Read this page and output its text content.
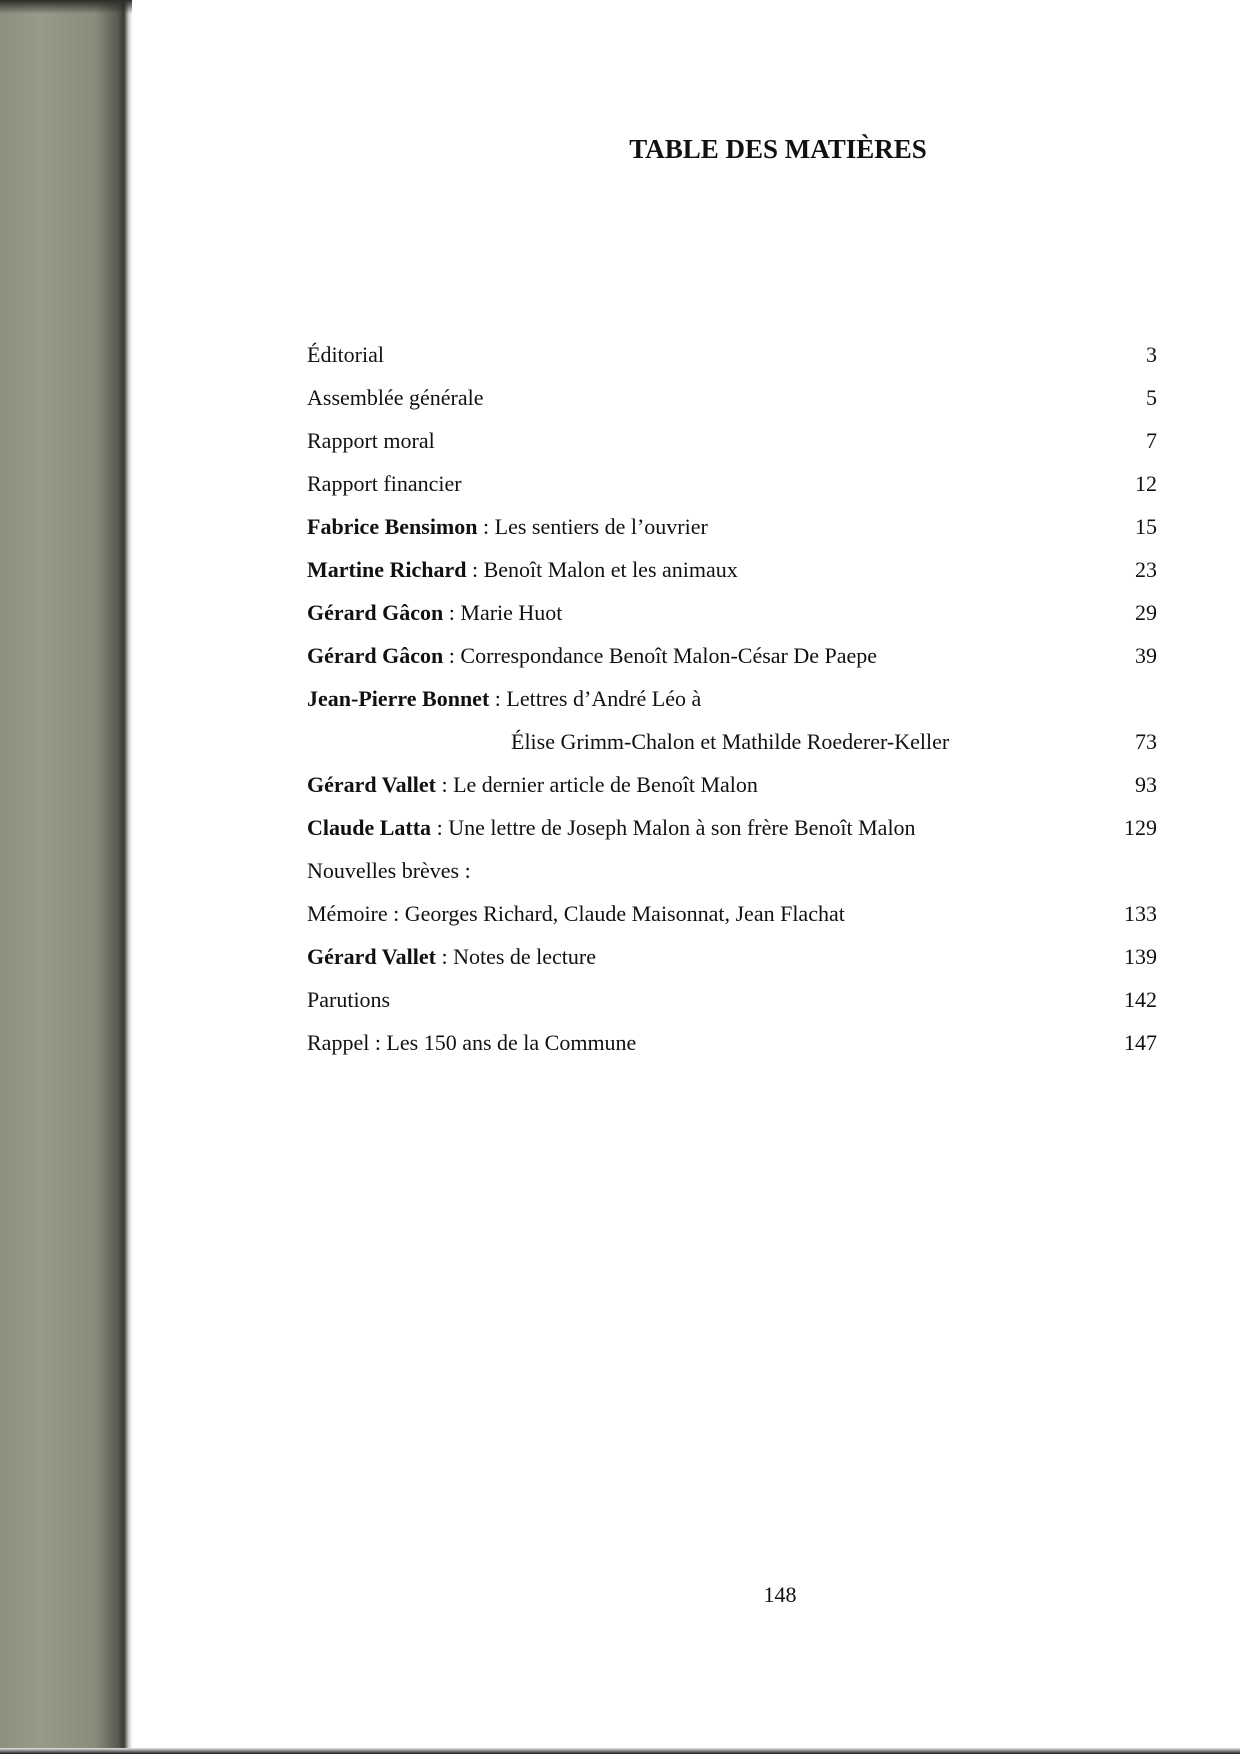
TABLE DES MATIÈRES
Éditorial	3
Assemblée générale	5
Rapport moral	7
Rapport financier	12
Fabrice Bensimon : Les sentiers de l’ouvrier	15
Martine Richard : Benoît Malon et les animaux	23
Gérard Gâcon : Marie Huot	29
Gérard Gâcon : Correspondance Benoît Malon-César De Paepe	39
Jean-Pierre Bonnet : Lettres d’André Léo à
Élise Grimm-Chalon et Mathilde Roederer-Keller	73
Gérard Vallet : Le dernier article de Benoît Malon	93
Claude Latta : Une lettre de Joseph Malon à son frère Benoît Malon	129
Nouvelles brèves :
Mémoire : Georges Richard, Claude Maisonnat, Jean Flachat	133
Gérard Vallet : Notes de lecture	139
Parutions	142
Rappel : Les 150 ans de la Commune	147
148
